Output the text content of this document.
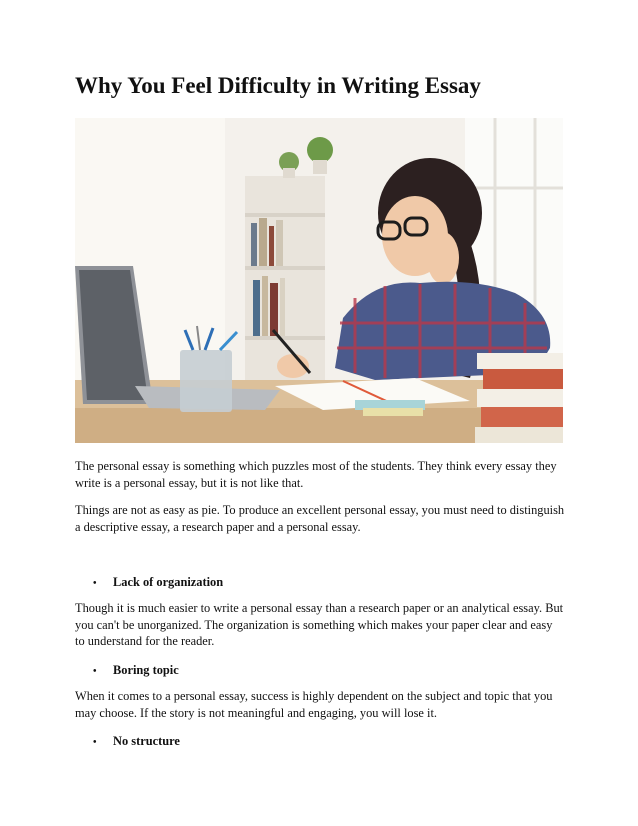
Why You Feel Difficulty in Writing Essay

The personal essay is something which puzzles most of the students. They think every essay they write is a personal essay, but it is not like that.

Things are not as easy as pie. To produce an excellent personal essay, you must need to distinguish a descriptive essay, a research paper and a personal essay.

• Lack of organization

Though it is much easier to write a personal essay than a research paper or an analytical essay. But you can't be unorganized. The organization is something which makes your paper clear and easy to understand for the reader.

• Boring topic

When it comes to a personal essay, success is highly dependent on the subject and topic that you may choose. If the story is not meaningful and engaging, you will lose it.

• No structure
